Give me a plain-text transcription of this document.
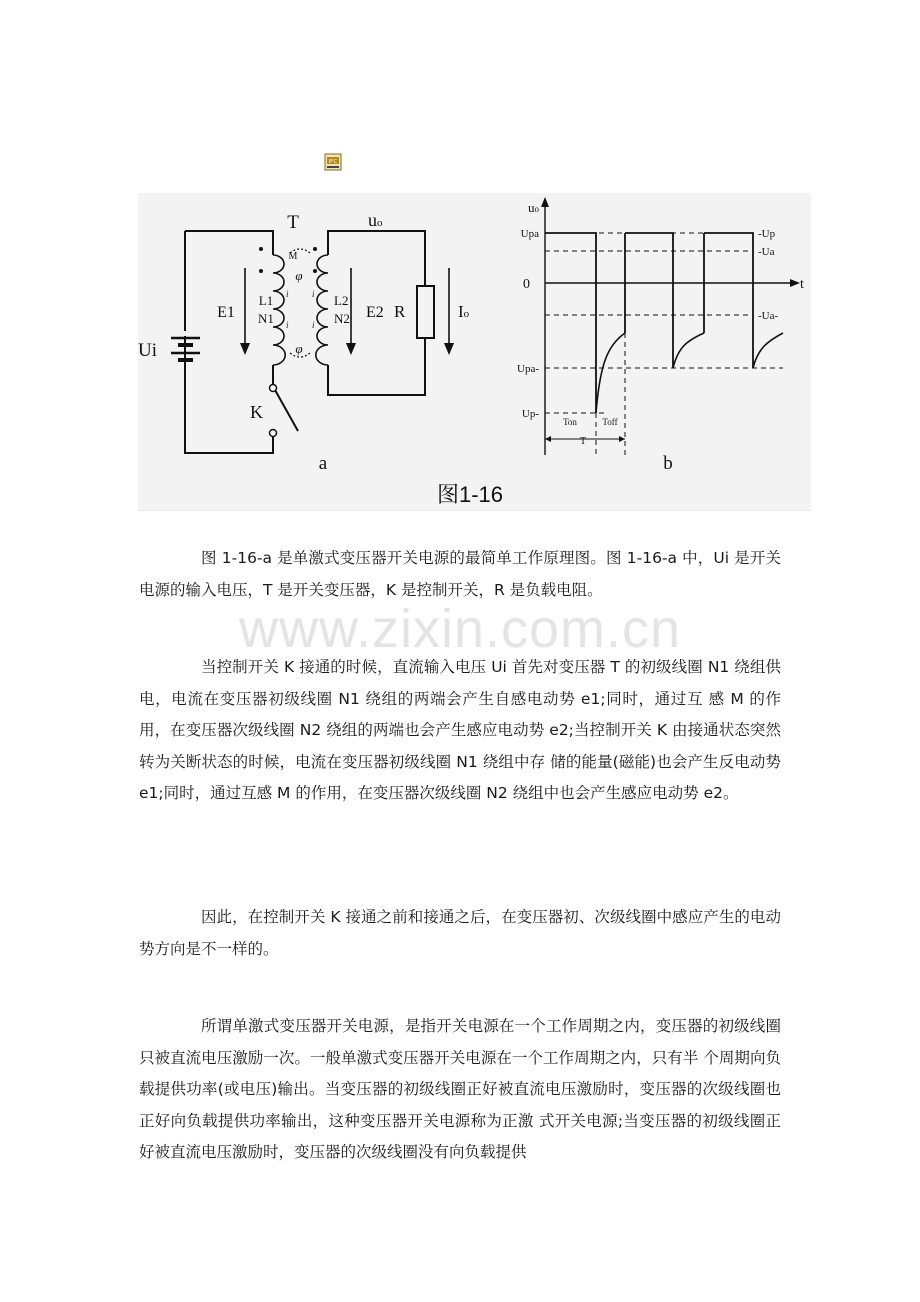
IFC
T	uo
M
φ
φ
E1	E2
L1
N1
L2
N2	R	Io
Ui
K
i
i
i
i
a
uo
t
0
Upa
Upa-
Up-
-Up
-Ua
-Ua-
Ton	Toff
T
b
图1-16
www.zixin.com.cn

图 1-16-a 是单激式变压器开关电源的最简单工作原理图。图 1-16-a 中，Ui 是开关电源的输入电压，T 是开关变压器，K 是控制开关，R 是负载电阻。

当控制开关 K 接通的时候，直流输入电压 Ui 首先对变压器 T 的初级线圈 N1 绕组供电，电流在变压器初级线圈 N1 绕组的两端会产生自感电动势 e1;同时，通过互 感 M 的作用，在变压器次级线圈 N2 绕组的两端也会产生感应电动势 e2;当控制开关 K 由接通状态突然转为关断状态的时候，电流在变压器初级线圈 N1 绕组中存 储的能量(磁能)也会产生反电动势 e1;同时，通过互感 M 的作用，在变压器次级线圈 N2 绕组中也会产生感应电动势 e2。

因此，在控制开关 K 接通之前和接通之后，在变压器初、次级线圈中感应产生的电动势方向是不一样的。

所谓单激式变压器开关电源，是指开关电源在一个工作周期之内，变压器的初级线圈只被直流电压激励一次。一般单激式变压器开关电源在一个工作周期之内，只有半 个周期向负载提供功率(或电压)输出。当变压器的初级线圈正好被直流电压激励时，变压器的次级线圈也正好向负载提供功率输出，这种变压器开关电源称为正激 式开关电源;当变压器的初级线圈正好被直流电压激励时，变压器的次级线圈没有向负载提供
